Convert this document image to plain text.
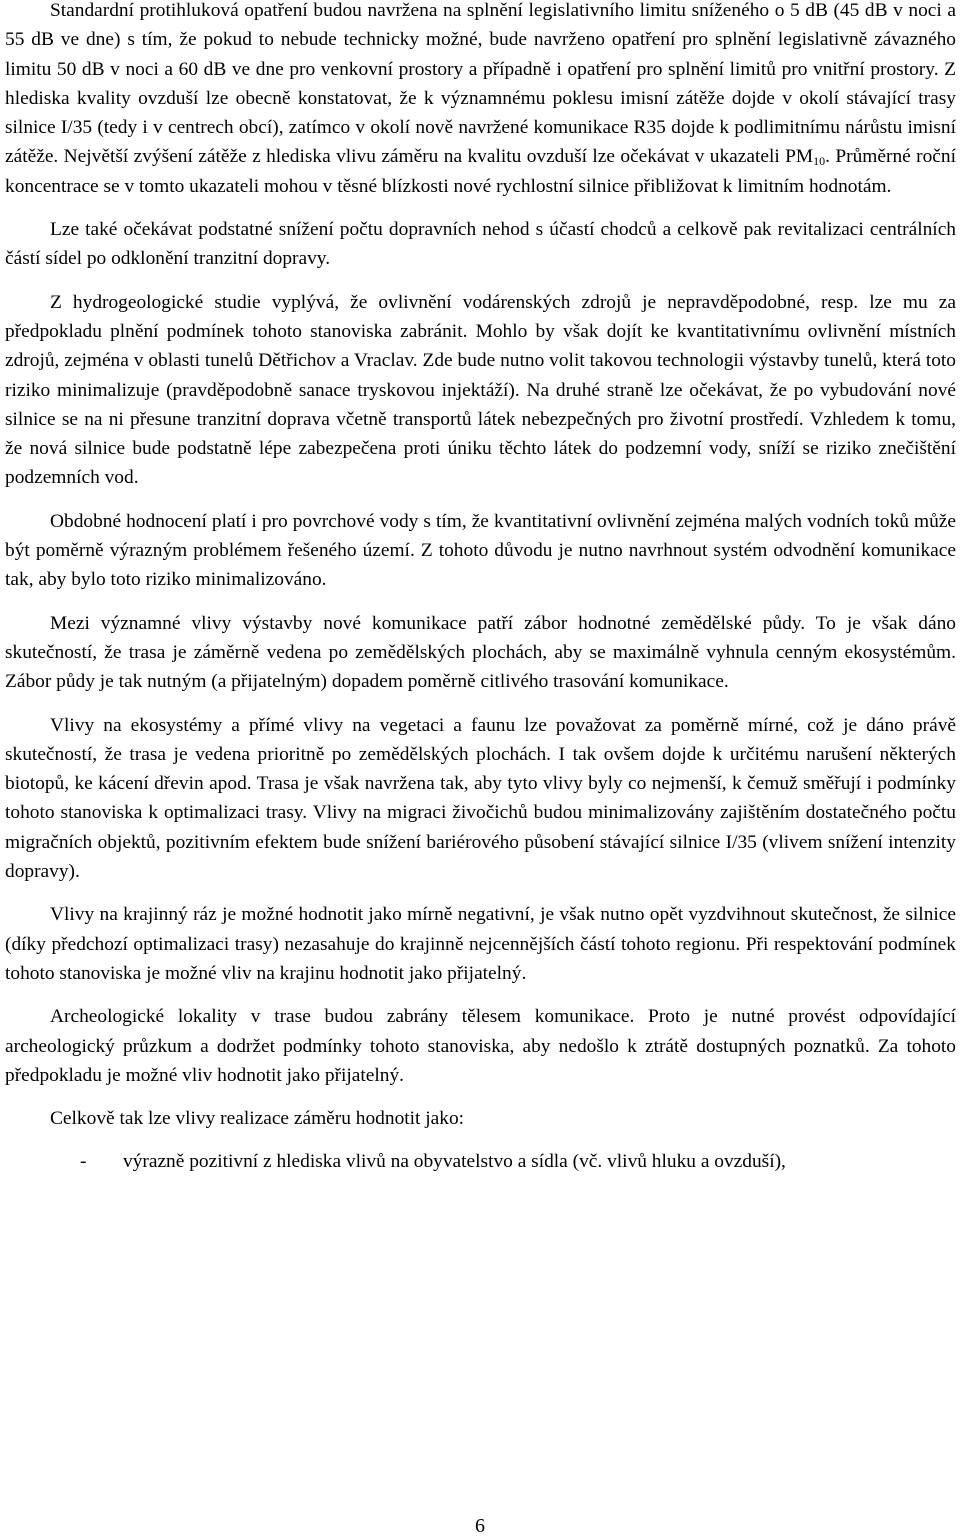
Standardní protihluková opatření budou navržena na splnění legislativního limitu sníženého o 5 dB (45 dB v noci a 55 dB ve dne) s tím, že pokud to nebude technicky možné, bude navrženo opatření pro splnění legislativně závazného limitu 50 dB v noci a 60 dB ve dne pro venkovní prostory a případně i opatření pro splnění limitů pro vnitřní prostory. Z hlediska kvality ovzduší lze obecně konstatovat, že k významnému poklesu imisní zátěže dojde v okolí stávající trasy silnice I/35 (tedy i v centrech obcí), zatímco v okolí nově navržené komunikace R35 dojde k podlimitnímu nárůstu imisní zátěže. Největší zvýšení zátěže z hlediska vlivu záměru na kvalitu ovzduší lze očekávat v ukazateli $PM_{10}$. Průměrné roční koncentrace se v tomto ukazateli mohou v těsné blízkosti nové rychlostní silnice přibližovat k limitním hodnotám.

Lze také očekávat podstatné snížení počtu dopravních nehod s účastí chodců a celkově pak revitalizaci centrálních částí sídel po odklonění tranzitní dopravy.

Z hydrogeologické studie vyplývá, že ovlivnění vodárenských zdrojů je nepravděpodobné, resp. lze mu za předpokladu plnění podmínek tohoto stanoviska zabránit. Mohlo by však dojít ke kvantitativnímu ovlivnění místních zdrojů, zejména v oblasti tunelů Dětřichov a Vraclav. Zde bude nutno volit takovou technologii výstavby tunelů, která toto riziko minimalizuje (pravděpodobně sanace tryskovou injektáží). Na druhé straně lze očekávat, že po vybudování nové silnice se na ni přesune tranzitní doprava včetně transportů látek nebezpečných pro životní prostředí. Vzhledem k tomu, že nová silnice bude podstatně lépe zabezpečena proti úniku těchto látek do podzemní vody, sníží se riziko znečištění podzemních vod.

Obdobné hodnocení platí i pro povrchové vody s tím, že kvantitativní ovlivnění zejména malých vodních toků může být poměrně výrazným problémem řešeného území. Z tohoto důvodu je nutno navrhnout systém odvodnění komunikace tak, aby bylo toto riziko minimalizováno.

Mezi významné vlivy výstavby nové komunikace patří zábor hodnotné zemědělské půdy. To je však dáno skutečností, že trasa je záměrně vedena po zemědělských plochách, aby se maximálně vyhnula cenným ekosystémům. Zábor půdy je tak nutným (a přijatelným) dopadem poměrně citlivého trasování komunikace.

Vlivy na ekosystémy a přímé vlivy na vegetaci a faunu lze považovat za poměrně mírné, což je dáno právě skutečností, že trasa je vedena prioritně po zemědělských plochách. I tak ovšem dojde k určitému narušení některých biotopů, ke kácení dřevin apod. Trasa je však navržena tak, aby tyto vlivy byly co nejmenší, k čemuž směřují i podmínky tohoto stanoviska k optimalizaci trasy. Vlivy na migraci živočichů budou minimalizovány zajištěním dostatečného počtu migračních objektů, pozitivním efektem bude snížení bariérového působení stávající silnice I/35 (vlivem snížení intenzity dopravy).

Vlivy na krajinný ráz je možné hodnotit jako mírně negativní, je však nutno opět vyzdvihnout skutečnost, že silnice (díky předchozí optimalizaci trasy) nezasahuje do krajinně nejcennějších částí tohoto regionu. Při respektování podmínek tohoto stanoviska je možné vliv na krajinu hodnotit jako přijatelný.

Archeologické lokality v trase budou zabrány tělesem komunikace. Proto je nutné provést odpovídající archeologický průzkum a dodržet podmínky tohoto stanoviska, aby nedošlo k ztrátě dostupných poznatků. Za tohoto předpokladu je možné vliv hodnotit jako přijatelný.

Celkově tak lze vlivy realizace záměru hodnotit jako:

- výrazně pozitivní z hlediska vlivů na obyvatelstvo a sídla (vč. vlivů hluku a ovzduší),
6
